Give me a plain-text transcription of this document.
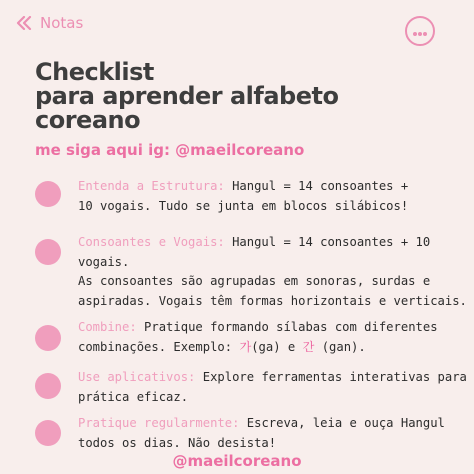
Notas
Checklist
para aprender alfabeto
coreano
me siga aqui ig: @maeilcoreano
Entenda a Estrutura: Hangul = 14 consoantes +
10 vogais. Tudo se junta em blocos silábicos!
Consoantes e Vogais: Hangul = 14 consoantes + 10
vogais.
As consoantes são agrupadas em sonoras, surdas e
aspiradas. Vogais têm formas horizontais e verticais.
Combine: Pratique formando sílabas com diferentes
combinações. Exemplo: 가(ga) e 간 (gan).
Use aplicativos: Explore ferramentas interativas para
prática eficaz.
Pratique regularmente: Escreva, leia e ouça Hangul
todos os dias. Não desista!
@maeilcoreano
